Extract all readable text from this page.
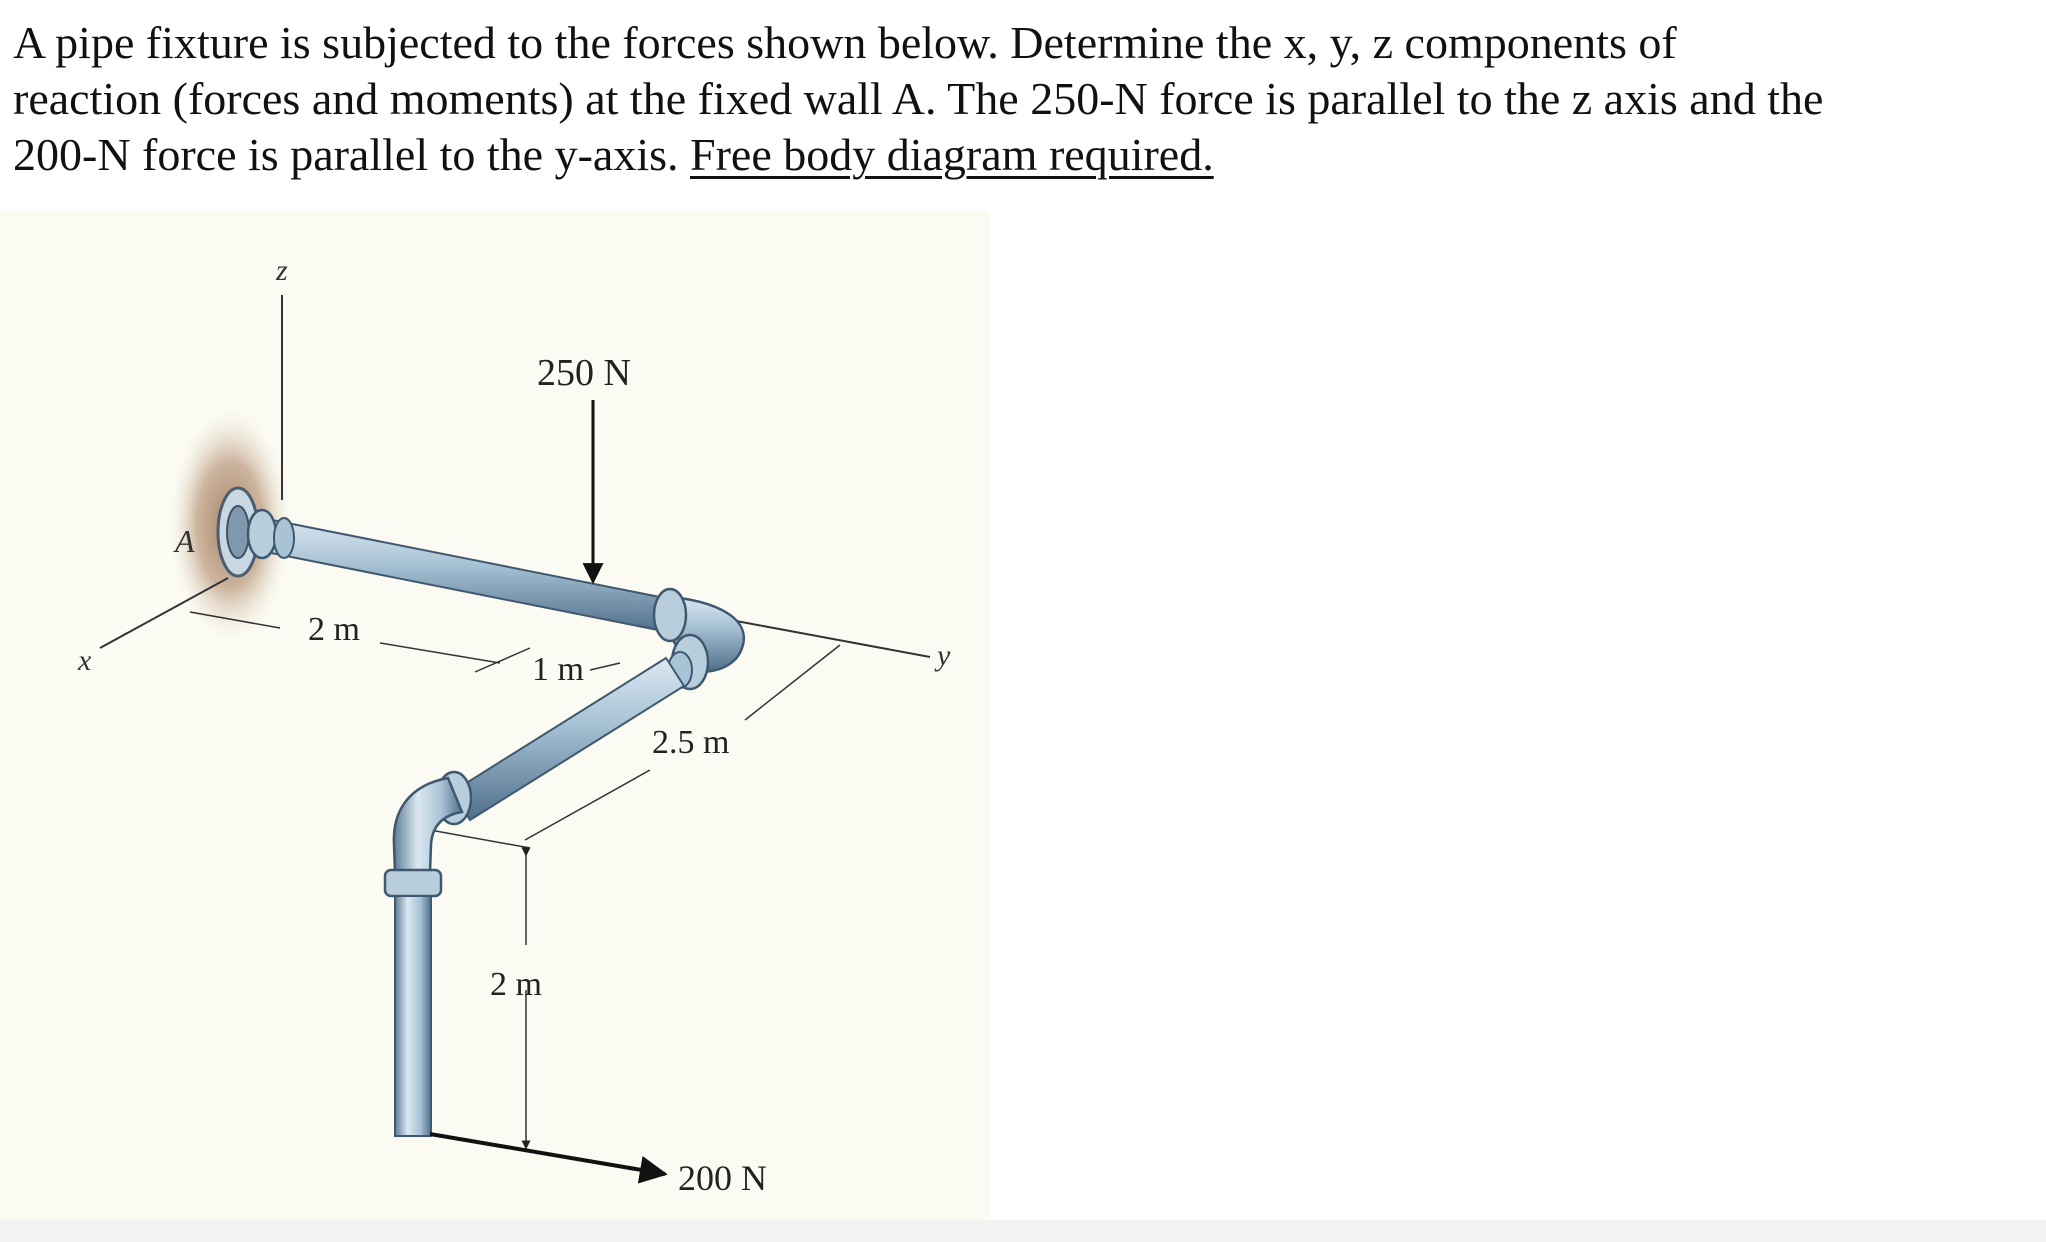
A pipe fixture is subjected to the forces shown below. Determine the x, y, z components of
reaction (forces and moments) at the fixed wall A. The 250-N force is parallel to the z axis and the
200-N force is parallel to the y-axis. Free body diagram required.

z
x	y
A
250 N
200 N
2 m
1 m
2.5 m
2 m
